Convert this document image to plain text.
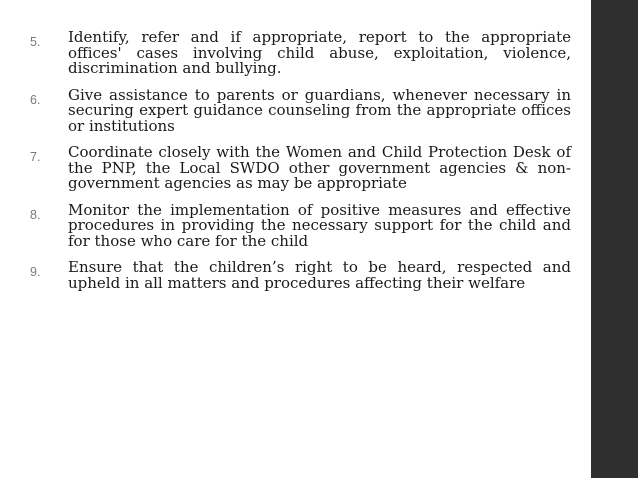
5.	Identify, refer and if appropriate, report to the appropriate offices' cases involving child abuse, exploitation, violence, discrimination and bullying.

6.	Give assistance to parents or guardians, whenever necessary in securing expert guidance counseling from the appropriate offices or institutions

7.	Coordinate closely with the Women and Child Protection Desk of the PNP, the Local SWDO other government agencies & non-government agencies as may be appropriate

8.	Monitor the implementation of positive measures and effective procedures in providing the necessary support for the child and for those who care for the child

9.	Ensure that the children’s right to be heard, respected and upheld in all matters and procedures affecting their welfare
